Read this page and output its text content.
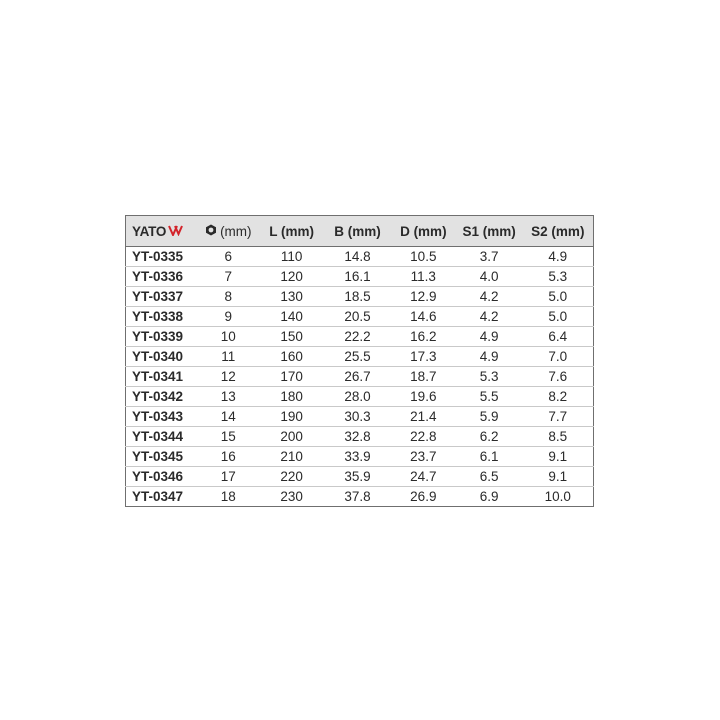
YATO	(mm)	L (mm)	B (mm)	D (mm)	S1 (mm)	S2 (mm)
YT-0335	6	110	14.8	10.5	3.7	4.9
YT-0336	7	120	16.1	11.3	4.0	5.3
YT-0337	8	130	18.5	12.9	4.2	5.0
YT-0338	9	140	20.5	14.6	4.2	5.0
YT-0339	10	150	22.2	16.2	4.9	6.4
YT-0340	11	160	25.5	17.3	4.9	7.0
YT-0341	12	170	26.7	18.7	5.3	7.6
YT-0342	13	180	28.0	19.6	5.5	8.2
YT-0343	14	190	30.3	21.4	5.9	7.7
YT-0344	15	200	32.8	22.8	6.2	8.5
YT-0345	16	210	33.9	23.7	6.1	9.1
YT-0346	17	220	35.9	24.7	6.5	9.1
YT-0347	18	230	37.8	26.9	6.9	10.0
